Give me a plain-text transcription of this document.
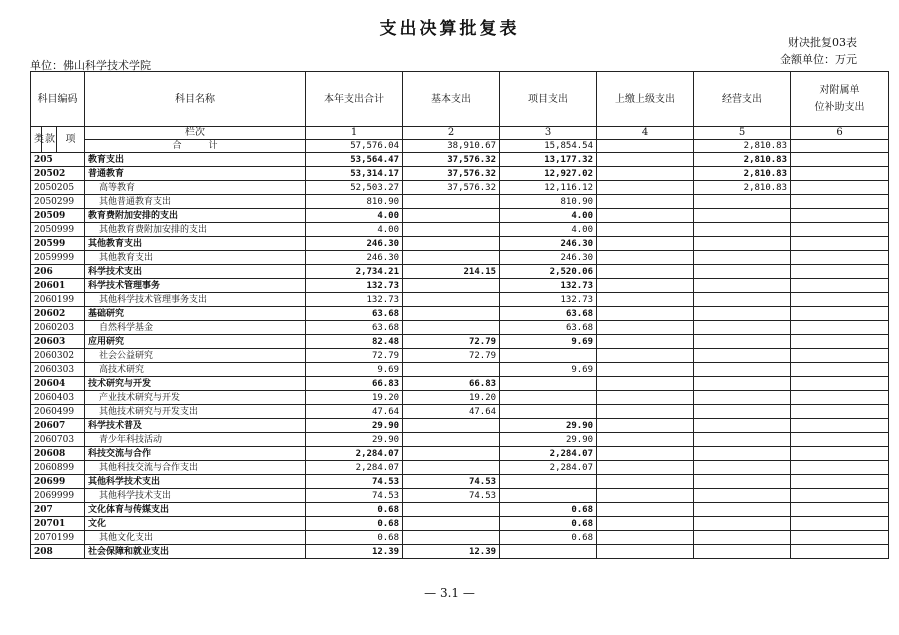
支出决算批复表
财决批复03表
金额单位：万元
单位：佛山科学技术学院
科目编码			科目名称	本年支出合计	基本支出	项目支出	上缴上级支出	经营支出	对附属单
位补助支出
类	款	项	栏次	1	2	3	4	5	6
			合　　　计	57,576.04	38,910.67	15,854.54		2,810.83	
205			教育支出	53,564.47	37,576.32	13,177.32		2,810.83	
20502			普通教育	53,314.17	37,576.32	12,927.02		2,810.83	
2050205			高等教育	52,503.27	37,576.32	12,116.12		2,810.83	
2050299			其他普通教育支出	810.90		810.90			
20509			教育费附加安排的支出	4.00		4.00			
2050999			其他教育费附加安排的支出	4.00		4.00			
20599			其他教育支出	246.30		246.30			
2059999			其他教育支出	246.30		246.30			
206			科学技术支出	2,734.21	214.15	2,520.06			
20601			科学技术管理事务	132.73		132.73			
2060199			其他科学技术管理事务支出	132.73		132.73			
20602			基础研究	63.68		63.68			
2060203			自然科学基金	63.68		63.68			
20603			应用研究	82.48	72.79	9.69			
2060302			社会公益研究	72.79	72.79				
2060303			高技术研究	9.69		9.69			
20604			技术研究与开发	66.83	66.83				
2060403			产业技术研究与开发	19.20	19.20				
2060499			其他技术研究与开发支出	47.64	47.64				
20607			科学技术普及	29.90		29.90			
2060703			青少年科技活动	29.90		29.90			
20608			科技交流与合作	2,284.07		2,284.07			
2060899			其他科技交流与合作支出	2,284.07		2,284.07			
20699			其他科学技术支出	74.53	74.53				
2069999			其他科学技术支出	74.53	74.53				
207			文化体育与传媒支出	0.68		0.68			
20701			文化	0.68		0.68			
2070199			其他文化支出	0.68		0.68			
208			社会保障和就业支出	12.39	12.39				
— 3.1 —
